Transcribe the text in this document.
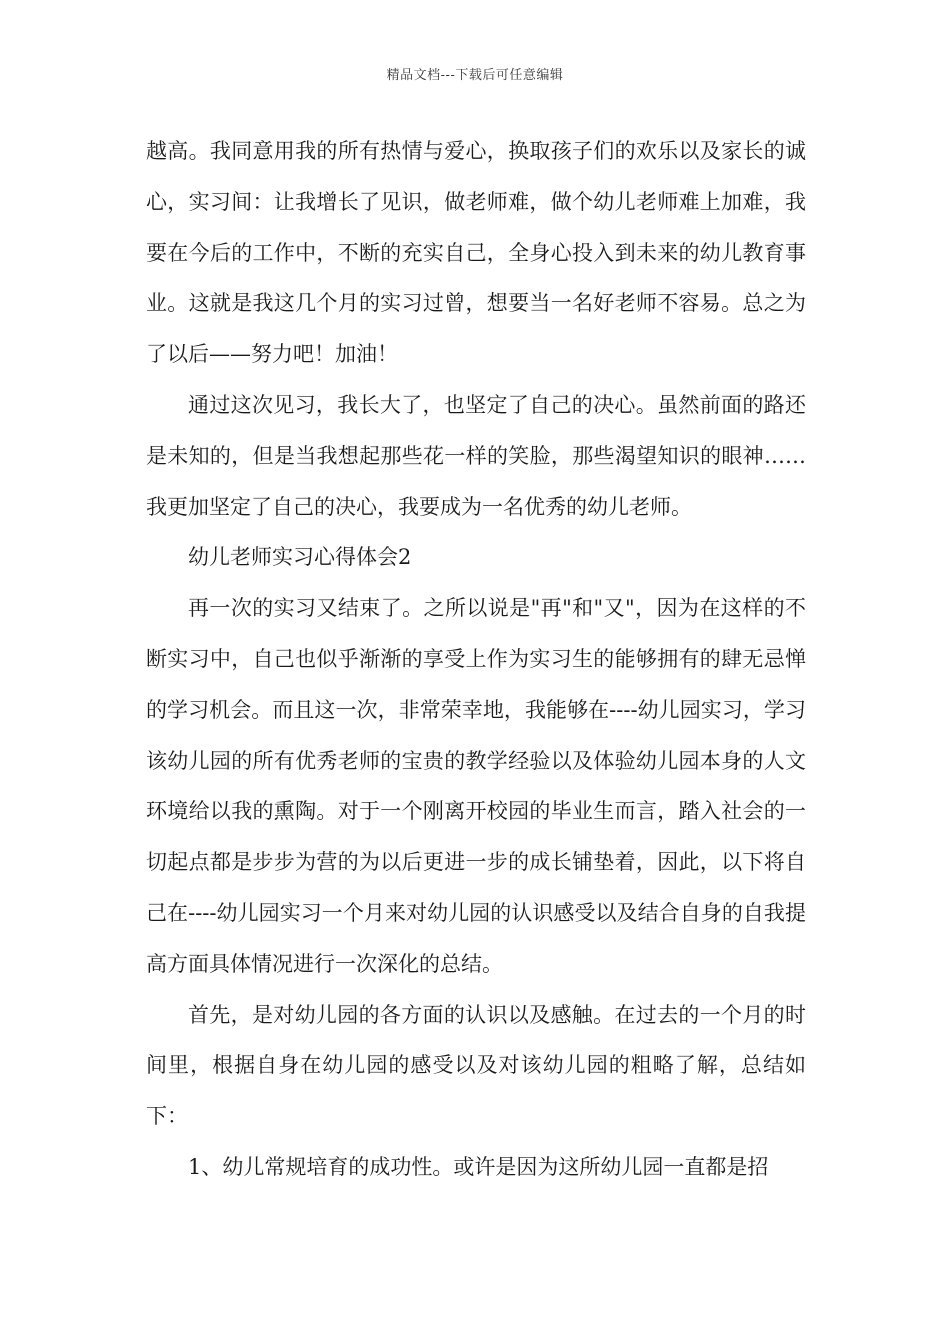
精品文档---下载后可任意编辑

越高。我同意用我的所有热情与爱心，换取孩子们的欢乐以及家长的诚心，实习间：让我增长了见识，做老师难，做个幼儿老师难上加难，我要在今后的工作中，不断的充实自己，全身心投入到未来的幼儿教育事业。这就是我这几个月的实习过曾，想要当一名好老师不容易。总之为了以后——努力吧！加油！

通过这次见习，我长大了，也坚定了自己的决心。虽然前面的路还是未知的，但是当我想起那些花一样的笑脸，那些渴望知识的眼神……我更加坚定了自己的决心，我要成为一名优秀的幼儿老师。

幼儿老师实习心得体会2

再一次的实习又结束了。之所以说是"再"和"又"，因为在这样的不断实习中，自己也似乎渐渐的享受上作为实习生的能够拥有的肆无忌惮的学习机会。而且这一次，非常荣幸地，我能够在----幼儿园实习，学习该幼儿园的所有优秀老师的宝贵的教学经验以及体验幼儿园本身的人文环境给以我的熏陶。对于一个刚离开校园的毕业生而言，踏入社会的一切起点都是步步为营的为以后更进一步的成长铺垫着，因此，以下将自己在----幼儿园实习一个月来对幼儿园的认识感受以及结合自身的自我提高方面具体情况进行一次深化的总结。

首先，是对幼儿园的各方面的认识以及感触。在过去的一个月的时间里，根据自身在幼儿园的感受以及对该幼儿园的粗略了解，总结如下：

1、幼儿常规培育的成功性。或许是因为这所幼儿园一直都是招
